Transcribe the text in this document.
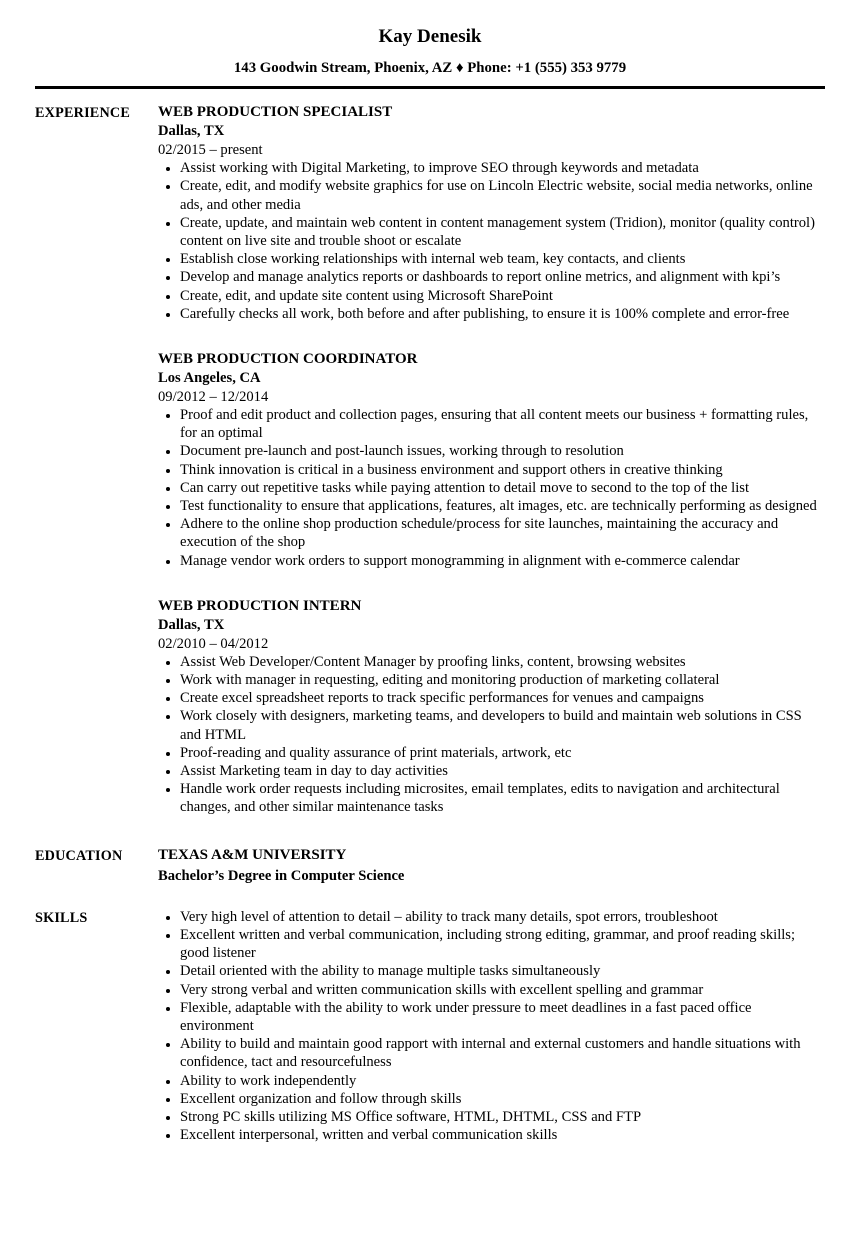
Kay Denesik
143 Goodwin Stream, Phoenix, AZ ♦ Phone: +1 (555) 353 9779
EXPERIENCE	WEB PRODUCTION SPECIALIST
Dallas, TX
02/2015 – present
• Assist working with Digital Marketing, to improve SEO through keywords and metadata
• Create, edit, and modify website graphics for use on Lincoln Electric website, social media networks, online ads, and other media
• Create, update, and maintain web content in content management system (Tridion), monitor (quality control) content on live site and trouble shoot or escalate
• Establish close working relationships with internal web team, key contacts, and clients
• Develop and manage analytics reports or dashboards to report online metrics, and alignment with kpi’s
• Create, edit, and update site content using Microsoft SharePoint
• Carefully checks all work, both before and after publishing, to ensure it is 100% complete and error-free
WEB PRODUCTION COORDINATOR
Los Angeles, CA
09/2012 – 12/2014
• Proof and edit product and collection pages, ensuring that all content meets our business + formatting rules, for an optimal
• Document pre-launch and post-launch issues, working through to resolution
• Think innovation is critical in a business environment and support others in creative thinking
• Can carry out repetitive tasks while paying attention to detail move to second to the top of the list
• Test functionality to ensure that applications, features, alt images, etc. are technically performing as designed
• Adhere to the online shop production schedule/process for site launches, maintaining the accuracy and execution of the shop
• Manage vendor work orders to support monogramming in alignment with e-commerce calendar
WEB PRODUCTION INTERN
Dallas, TX
02/2010 – 04/2012
• Assist Web Developer/Content Manager by proofing links, content, browsing websites
• Work with manager in requesting, editing and monitoring production of marketing collateral
• Create excel spreadsheet reports to track specific performances for venues and campaigns
• Work closely with designers, marketing teams, and developers to build and maintain web solutions in CSS and HTML
• Proof-reading and quality assurance of print materials, artwork, etc
• Assist Marketing team in day to day activities
• Handle work order requests including microsites, email templates, edits to navigation and architectural changes, and other similar maintenance tasks
EDUCATION	TEXAS A&M UNIVERSITY
Bachelor’s Degree in Computer Science
SKILLS	• Very high level of attention to detail – ability to track many details, spot errors, troubleshoot
• Excellent written and verbal communication, including strong editing, grammar, and proof reading skills; good listener
• Detail oriented with the ability to manage multiple tasks simultaneously
• Very strong verbal and written communication skills with excellent spelling and grammar
• Flexible, adaptable with the ability to work under pressure to meet deadlines in a fast paced office environment
• Ability to build and maintain good rapport with internal and external customers and handle situations with confidence, tact and resourcefulness
• Ability to work independently
• Excellent organization and follow through skills
• Strong PC skills utilizing MS Office software, HTML, DHTML, CSS and FTP
• Excellent interpersonal, written and verbal communication skills
